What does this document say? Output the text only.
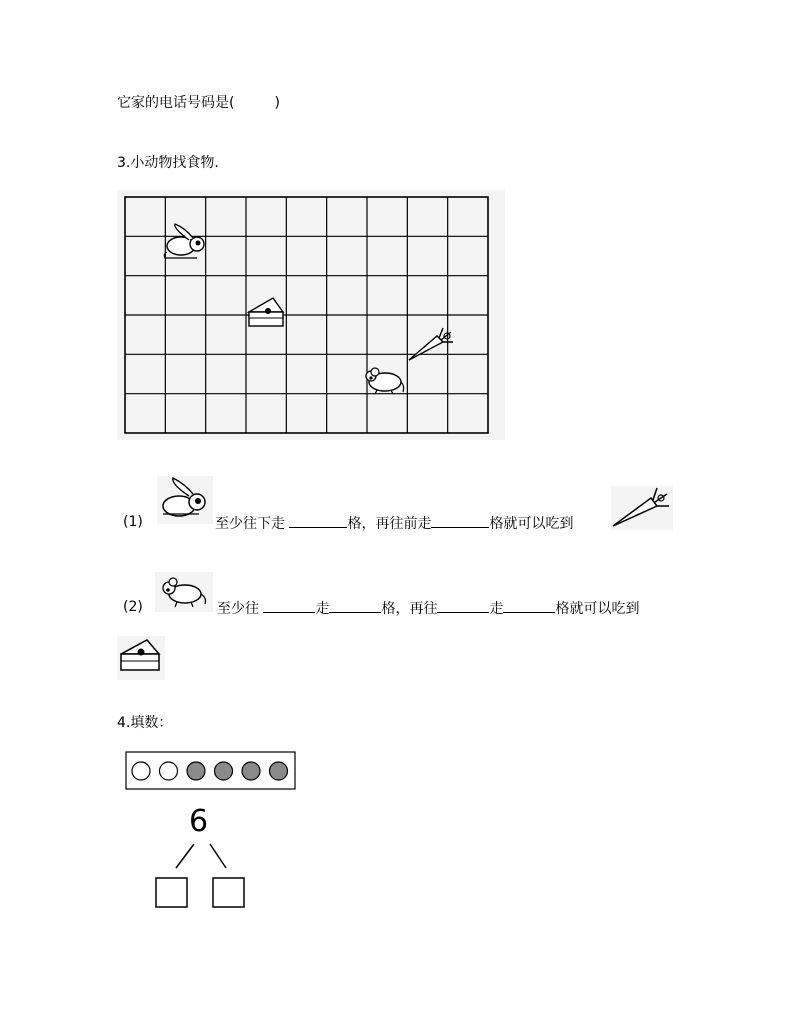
它家的电话号码是(	)
3.小动物找食物.
(1)	至少往下走	格，再往前走	格就可以吃到
(2)	至少往	走	格，再往	走	格就可以吃到
4.填数：
6
